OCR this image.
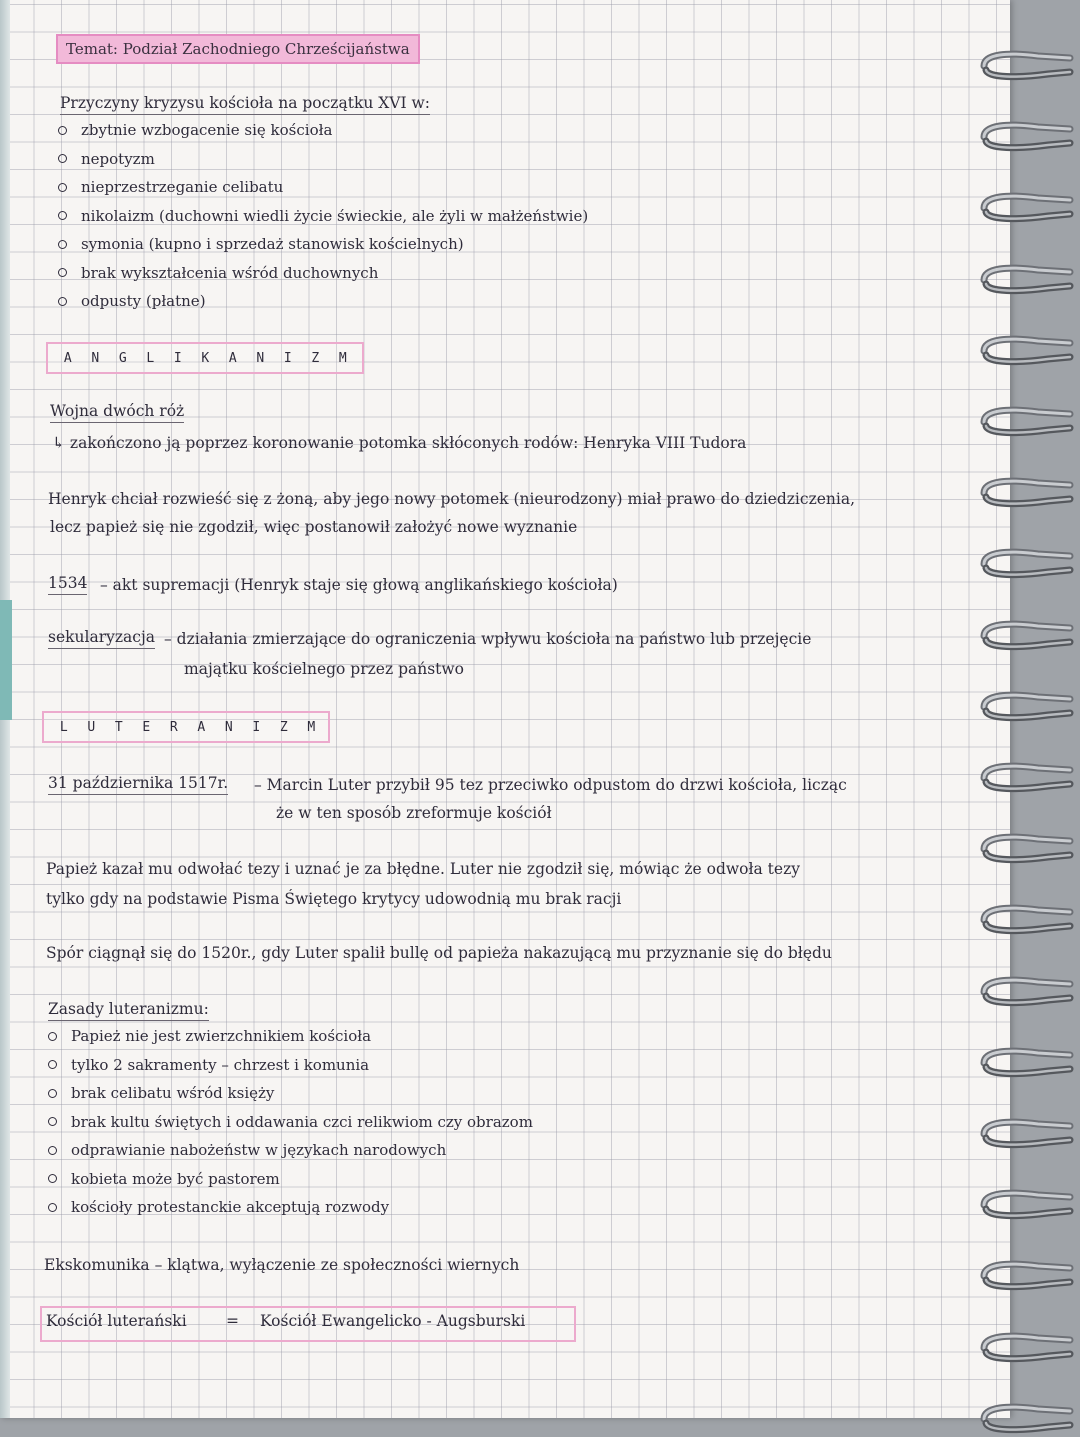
Temat: Podział Zachodniego Chrześcijaństwa
Przyczyny kryzysu kościoła na początku XVI w:
zbytnie wzbogacenie się kościoła
nepotyzm
nieprzestrzeganie celibatu
nikolaizm (duchowni wiedli życie świeckie, ale żyli w małżeństwie)
symonia (kupno i sprzedaż stanowisk kościelnych)
brak wykształcenia wśród duchownych
odpusty (płatne)
A	N	G	L	I	K	A	N	I	Z	M
Wojna dwóch róż
↳ zakończono ją poprzez koronowanie potomka skłóconych rodów: Henryka VIII Tudora
Henryk chciał rozwieść się z żoną, aby jego nowy potomek (nieurodzony) miał prawo do dziedziczenia,
lecz papież się nie zgodził, więc postanowił założyć nowe wyznanie
1534 – akt supremacji (Henryk staje się głową anglikańskiego kościoła)
sekularyzacja – działania zmierzające do ograniczenia wpływu kościoła na państwo lub przejęcie
majątku kościelnego przez państwo
L	U	T	E	R	A	N	I	Z	M
31 października 1517r. – Marcin Luter przybił 95 tez przeciwko odpustom do drzwi kościoła, licząc
że w ten sposób zreformuje kościół
Papież kazał mu odwołać tezy i uznać je za błędne. Luter nie zgodził się, mówiąc że odwoła tezy
tylko gdy na podstawie Pisma Świętego krytycy udowodnią mu brak racji
Spór ciągnął się do 1520r., gdy Luter spalił bullę od papieża nakazującą mu przyznanie się do błędu
Zasady luteranizmu:
Papież nie jest zwierzchnikiem kościoła
tylko 2 sakramenty – chrzest i komunia
brak celibatu wśród księży
brak kultu świętych i oddawania czci relikwiom czy obrazom
odprawianie nabożeństw w językach narodowych
kobieta może być pastorem
kościoły protestanckie akceptują rozwody
Ekskomunika – klątwa, wyłączenie ze społeczności wiernych
Kościół luterański	= Kościół Ewangelicko - Augsburski
